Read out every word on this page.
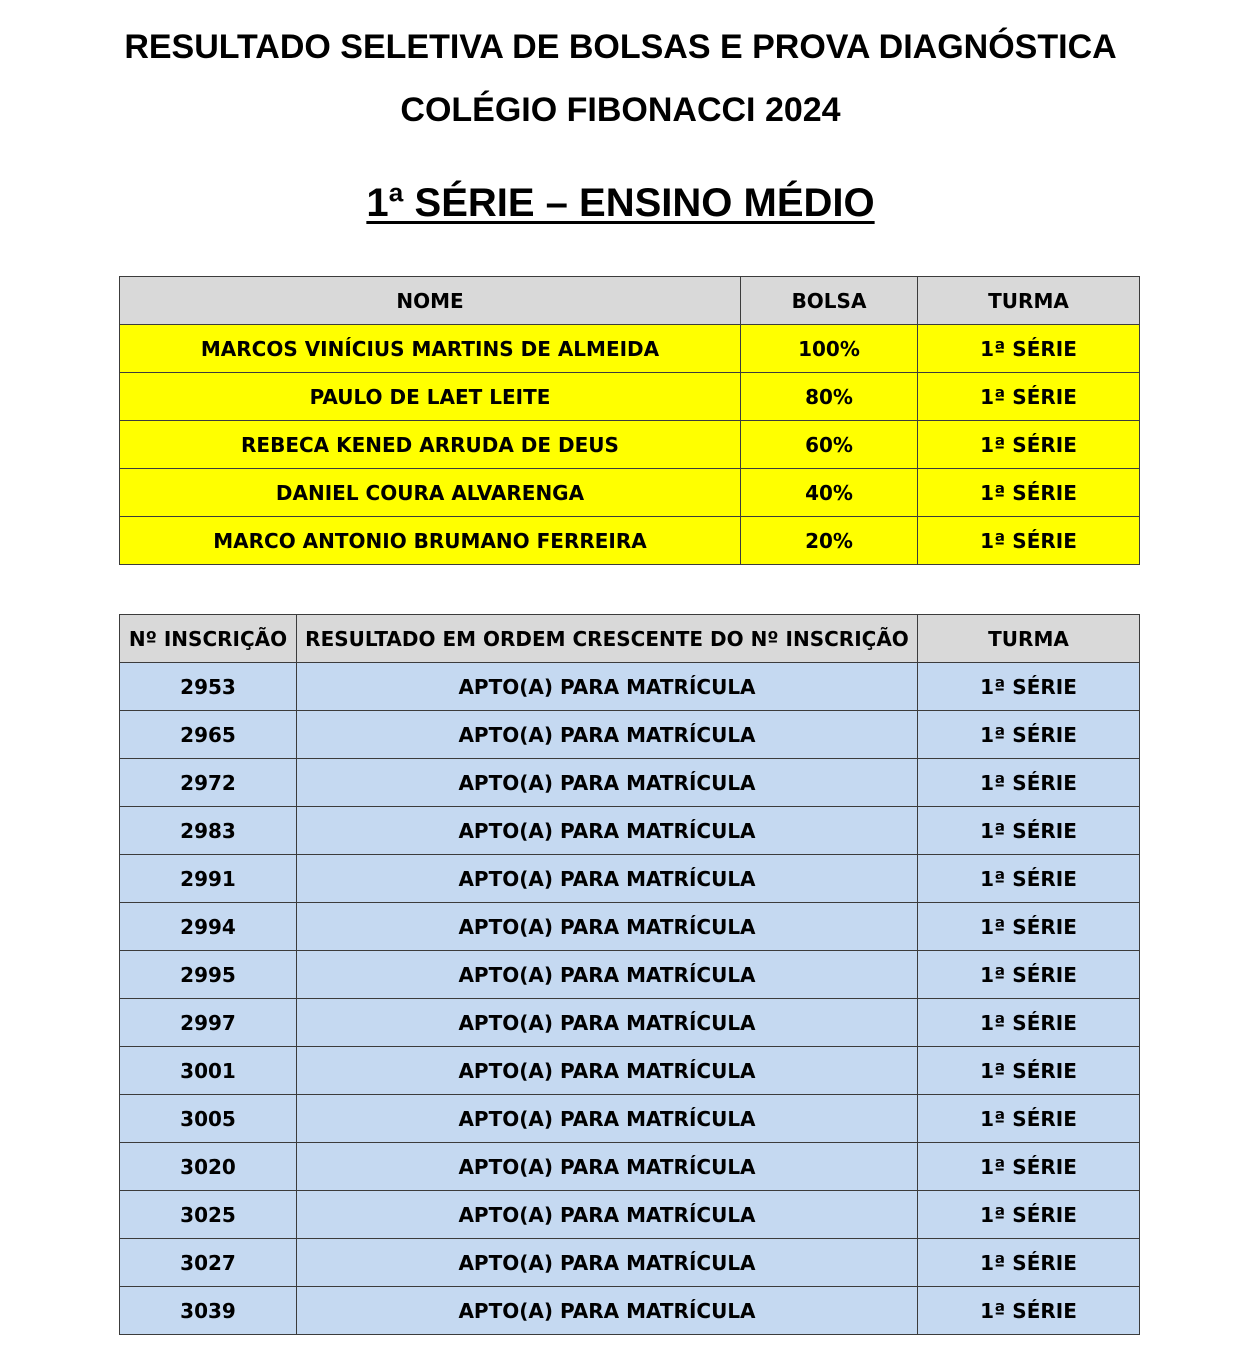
RESULTADO SELETIVA DE BOLSAS E PROVA DIAGNÓSTICA
COLÉGIO FIBONACCI 2024
1ª SÉRIE – ENSINO MÉDIO
NOME	BOLSA	TURMA
MARCOS VINÍCIUS MARTINS DE ALMEIDA	100%	1ª SÉRIE
PAULO DE LAET LEITE	80%	1ª SÉRIE
REBECA KENED ARRUDA DE DEUS	60%	1ª SÉRIE
DANIEL COURA ALVARENGA	40%	1ª SÉRIE
MARCO ANTONIO BRUMANO FERREIRA	20%	1ª SÉRIE
Nº INSCRIÇÃO	RESULTADO EM ORDEM CRESCENTE DO Nº INSCRIÇÃO	TURMA
2953	APTO(A) PARA MATRÍCULA	1ª SÉRIE
2965	APTO(A) PARA MATRÍCULA	1ª SÉRIE
2972	APTO(A) PARA MATRÍCULA	1ª SÉRIE
2983	APTO(A) PARA MATRÍCULA	1ª SÉRIE
2991	APTO(A) PARA MATRÍCULA	1ª SÉRIE
2994	APTO(A) PARA MATRÍCULA	1ª SÉRIE
2995	APTO(A) PARA MATRÍCULA	1ª SÉRIE
2997	APTO(A) PARA MATRÍCULA	1ª SÉRIE
3001	APTO(A) PARA MATRÍCULA	1ª SÉRIE
3005	APTO(A) PARA MATRÍCULA	1ª SÉRIE
3020	APTO(A) PARA MATRÍCULA	1ª SÉRIE
3025	APTO(A) PARA MATRÍCULA	1ª SÉRIE
3027	APTO(A) PARA MATRÍCULA	1ª SÉRIE
3039	APTO(A) PARA MATRÍCULA	1ª SÉRIE
